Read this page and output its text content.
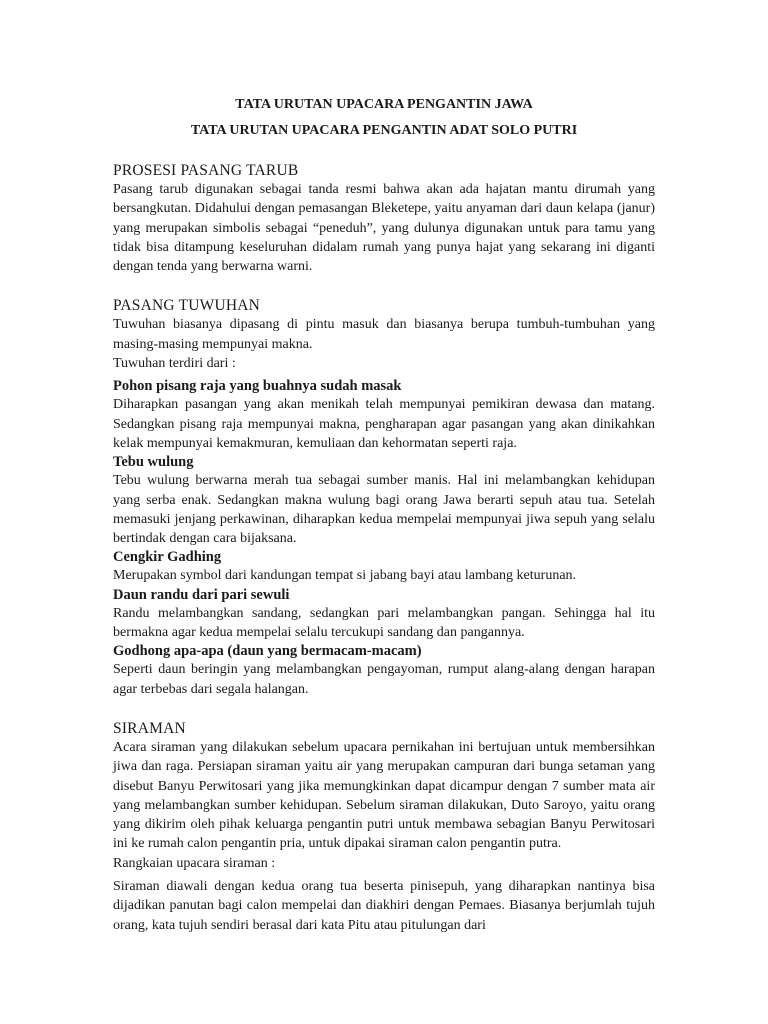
TATA URUTAN UPACARA PENGANTIN JAWA

TATA URUTAN UPACARA PENGANTIN ADAT SOLO PUTRI

PROSESI PASANG TARUB

Pasang tarub digunakan sebagai tanda resmi bahwa akan ada hajatan mantu dirumah yang bersangkutan. Didahului dengan pemasangan Bleketepe, yaitu anyaman dari daun kelapa (janur) yang merupakan simbolis sebagai “peneduh”, yang dulunya digunakan untuk para tamu yang tidak bisa ditampung keseluruhan didalam rumah yang punya hajat yang sekarang ini diganti dengan tenda yang berwarna warni.

PASANG TUWUHAN

Tuwuhan biasanya dipasang di pintu masuk dan biasanya berupa tumbuh-tumbuhan yang masing-masing mempunyai makna.

Tuwuhan terdiri dari :

Pohon pisang raja yang buahnya sudah masak

Diharapkan pasangan yang akan menikah telah mempunyai pemikiran dewasa dan matang. Sedangkan pisang raja mempunyai makna, pengharapan agar pasangan yang akan dinikahkan kelak mempunyai kemakmuran, kemuliaan dan kehormatan seperti raja.

Tebu wulung

Tebu wulung berwarna merah tua sebagai sumber manis. Hal ini melambangkan kehidupan yang serba enak. Sedangkan makna wulung bagi orang Jawa berarti sepuh atau tua. Setelah memasuki jenjang perkawinan, diharapkan kedua mempelai mempunyai jiwa sepuh yang selalu bertindak dengan cara bijaksana.

Cengkir Gadhing

Merupakan symbol dari kandungan tempat si jabang bayi atau lambang keturunan.

Daun randu dari pari sewuli

Randu melambangkan sandang, sedangkan pari melambangkan pangan. Sehingga hal itu bermakna agar kedua mempelai selalu tercukupi sandang dan pangannya.

Godhong apa-apa (daun yang bermacam-macam)

Seperti daun beringin yang melambangkan pengayoman, rumput alang-alang dengan harapan agar terbebas dari segala halangan.

SIRAMAN

Acara siraman yang dilakukan sebelum upacara pernikahan ini bertujuan untuk membersihkan jiwa dan raga. Persiapan siraman yaitu air yang merupakan campuran dari bunga setaman yang disebut Banyu Perwitosari yang jika memungkinkan dapat dicampur dengan 7 sumber mata air yang melambangkan sumber kehidupan. Sebelum siraman dilakukan, Duto Saroyo, yaitu orang yang dikirim oleh pihak keluarga pengantin putri untuk membawa sebagian Banyu Perwitosari ini ke rumah calon pengantin pria, untuk dipakai siraman calon pengantin putra.

Rangkaian upacara siraman :

Siraman diawali dengan kedua orang tua beserta pinisepuh, yang diharapkan nantinya bisa dijadikan panutan bagi calon mempelai dan diakhiri dengan Pemaes. Biasanya berjumlah tujuh orang, kata tujuh sendiri berasal dari kata Pitu atau pitulungan dari
